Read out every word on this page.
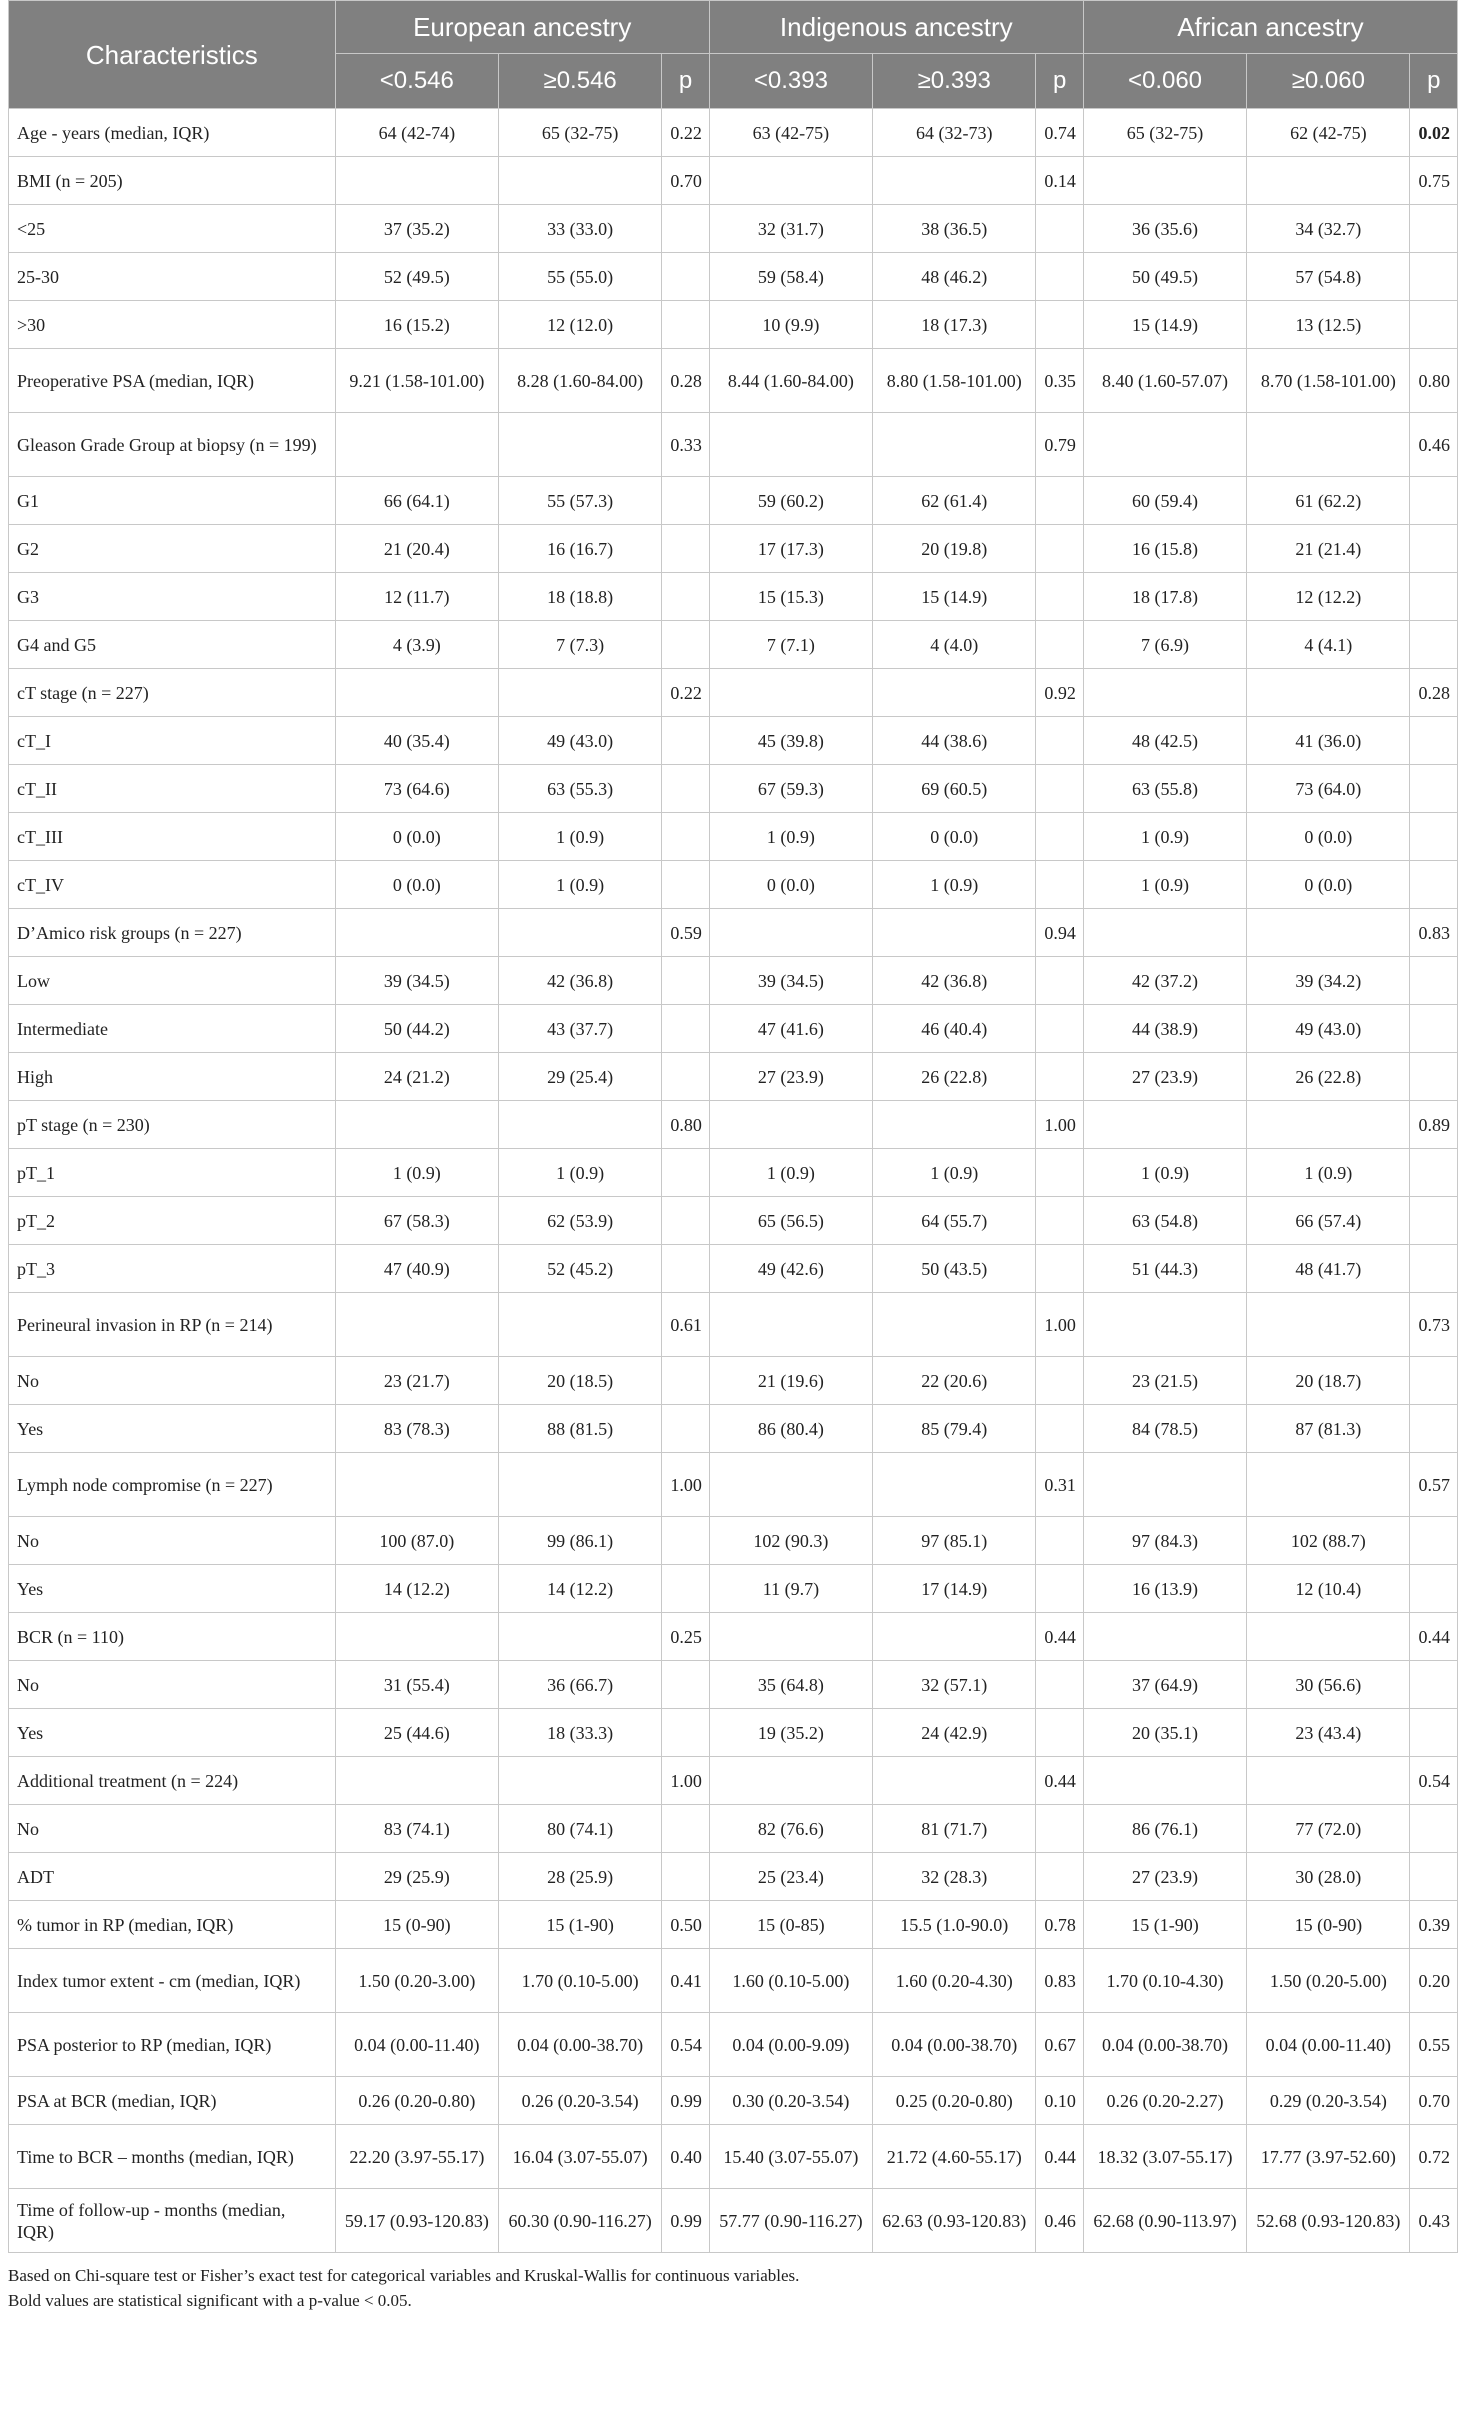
Characteristics	European ancestry			Indigenous ancestry			African ancestry		
	<0.546	≥0.546	p	<0.393	≥0.393	p	<0.060	≥0.060	p
Age - years (median, IQR)	64 (42-74)	65 (32-75)	0.22	63 (42-75)	64 (32-73)	0.74	65 (32-75)	62 (42-75)	0.02
BMI (n = 205)			0.70			0.14			0.75
<25	37 (35.2)	33 (33.0)		32 (31.7)	38 (36.5)		36 (35.6)	34 (32.7)	
25-30	52 (49.5)	55 (55.0)		59 (58.4)	48 (46.2)		50 (49.5)	57 (54.8)	
>30	16 (15.2)	12 (12.0)		10 (9.9)	18 (17.3)		15 (14.9)	13 (12.5)	
Preoperative PSA (median, IQR)	9.21 (1.58-101.00)	8.28 (1.60-84.00)	0.28	8.44 (1.60-84.00)	8.80 (1.58-101.00)	0.35	8.40 (1.60-57.07)	8.70 (1.58-101.00)	0.80
Gleason Grade Group at biopsy (n = 199)			0.33			0.79			0.46
G1	66 (64.1)	55 (57.3)		59 (60.2)	62 (61.4)		60 (59.4)	61 (62.2)	
G2	21 (20.4)	16 (16.7)		17 (17.3)	20 (19.8)		16 (15.8)	21 (21.4)	
G3	12 (11.7)	18 (18.8)		15 (15.3)	15 (14.9)		18 (17.8)	12 (12.2)	
G4 and G5	4 (3.9)	7 (7.3)		7 (7.1)	4 (4.0)		7 (6.9)	4 (4.1)	
cT stage (n = 227)			0.22			0.92			0.28
cT_I	40 (35.4)	49 (43.0)		45 (39.8)	44 (38.6)		48 (42.5)	41 (36.0)	
cT_II	73 (64.6)	63 (55.3)		67 (59.3)	69 (60.5)		63 (55.8)	73 (64.0)	
cT_III	0 (0.0)	1 (0.9)		1 (0.9)	0 (0.0)		1 (0.9)	0 (0.0)	
cT_IV	0 (0.0)	1 (0.9)		0 (0.0)	1 (0.9)		1 (0.9)	0 (0.0)	
D’Amico risk groups (n = 227)			0.59			0.94			0.83
Low	39 (34.5)	42 (36.8)		39 (34.5)	42 (36.8)		42 (37.2)	39 (34.2)	
Intermediate	50 (44.2)	43 (37.7)		47 (41.6)	46 (40.4)		44 (38.9)	49 (43.0)	
High	24 (21.2)	29 (25.4)		27 (23.9)	26 (22.8)		27 (23.9)	26 (22.8)	
pT stage (n = 230)			0.80			1.00			0.89
pT_1	1 (0.9)	1 (0.9)		1 (0.9)	1 (0.9)		1 (0.9)	1 (0.9)	
pT_2	67 (58.3)	62 (53.9)		65 (56.5)	64 (55.7)		63 (54.8)	66 (57.4)	
pT_3	47 (40.9)	52 (45.2)		49 (42.6)	50 (43.5)		51 (44.3)	48 (41.7)	
Perineural invasion in RP (n = 214)			0.61			1.00			0.73
No	23 (21.7)	20 (18.5)		21 (19.6)	22 (20.6)		23 (21.5)	20 (18.7)	
Yes	83 (78.3)	88 (81.5)		86 (80.4)	85 (79.4)		84 (78.5)	87 (81.3)	
Lymph node compromise (n = 227)			1.00			0.31			0.57
No	100 (87.0)	99 (86.1)		102 (90.3)	97 (85.1)		97 (84.3)	102 (88.7)	
Yes	14 (12.2)	14 (12.2)		11 (9.7)	17 (14.9)		16 (13.9)	12 (10.4)	
BCR (n = 110)			0.25			0.44			0.44
No	31 (55.4)	36 (66.7)		35 (64.8)	32 (57.1)		37 (64.9)	30 (56.6)	
Yes	25 (44.6)	18 (33.3)		19 (35.2)	24 (42.9)		20 (35.1)	23 (43.4)	
Additional treatment (n = 224)			1.00			0.44			0.54
No	83 (74.1)	80 (74.1)		82 (76.6)	81 (71.7)		86 (76.1)	77 (72.0)	
ADT	29 (25.9)	28 (25.9)		25 (23.4)	32 (28.3)		27 (23.9)	30 (28.0)	
% tumor in RP (median, IQR)	15 (0-90)	15 (1-90)	0.50	15 (0-85)	15.5 (1.0-90.0)	0.78	15 (1-90)	15 (0-90)	0.39
Index tumor extent - cm (median, IQR)	1.50 (0.20-3.00)	1.70 (0.10-5.00)	0.41	1.60 (0.10-5.00)	1.60 (0.20-4.30)	0.83	1.70 (0.10-4.30)	1.50 (0.20-5.00)	0.20
PSA posterior to RP (median, IQR)	0.04 (0.00-11.40)	0.04 (0.00-38.70)	0.54	0.04 (0.00-9.09)	0.04 (0.00-38.70)	0.67	0.04 (0.00-38.70)	0.04 (0.00-11.40)	0.55
PSA at BCR (median, IQR)	0.26 (0.20-0.80)	0.26 (0.20-3.54)	0.99	0.30 (0.20-3.54)	0.25 (0.20-0.80)	0.10	0.26 (0.20-2.27)	0.29 (0.20-3.54)	0.70
Time to BCR – months (median, IQR)	22.20 (3.97-55.17)	16.04 (3.07-55.07)	0.40	15.40 (3.07-55.07)	21.72 (4.60-55.17)	0.44	18.32 (3.07-55.17)	17.77 (3.97-52.60)	0.72
Time of follow-up - months (median, IQR)	59.17 (0.93-120.83)	60.30 (0.90-116.27)	0.99	57.77 (0.90-116.27)	62.63 (0.93-120.83)	0.46	62.68 (0.90-113.97)	52.68 (0.93-120.83)	0.43
Based on Chi-square test or Fisher’s exact test for categorical variables and Kruskal-Wallis for continuous variables.
Bold values are statistical significant with a p-value < 0.05.
